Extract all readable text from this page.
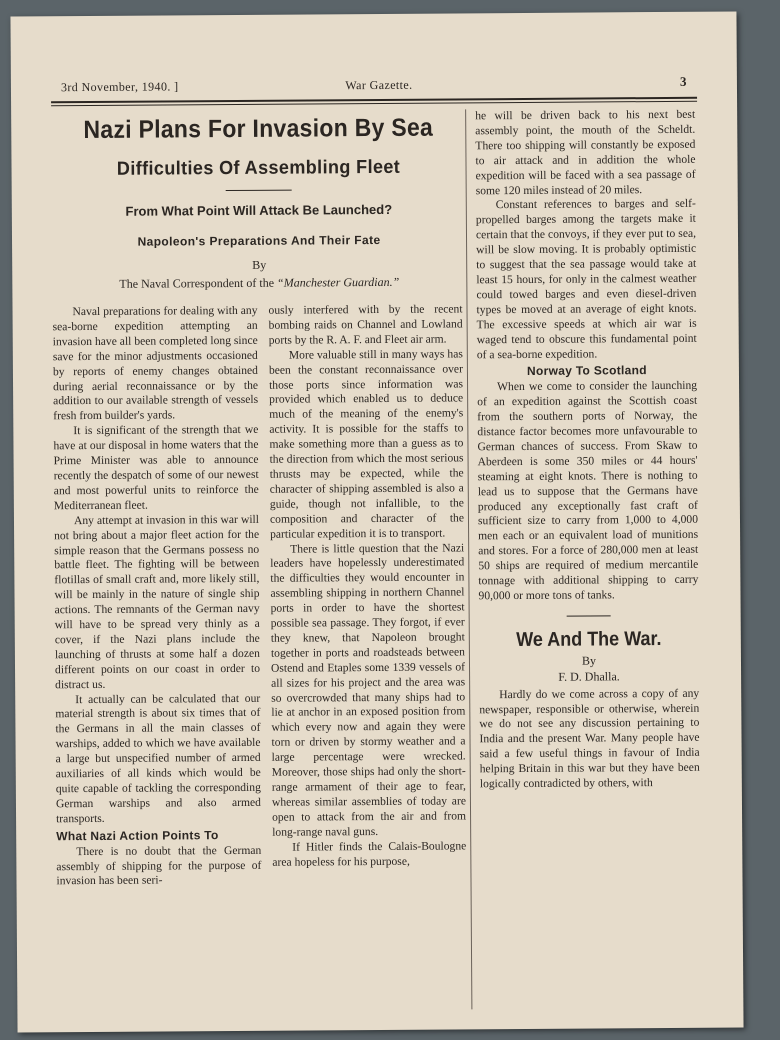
3rd November, 1940. ]	War Gazette.	3
Nazi Plans For Invasion By Sea
Difficulties Of Assembling Fleet
From What Point Will Attack Be Launched?
Napoleon's Preparations And Their Fate
By
The Naval Correspondent of the “Manchester Guardian.”

Naval preparations for dealing with any sea-borne expedition attempting an invasion have all been completed long since save for the minor adjustments occasioned by reports of enemy changes obtained during aerial reconnaissance or by the addition to our available strength of vessels fresh from builder's yards.

It is significant of the strength that we have at our disposal in home waters that the Prime Minister was able to announce recently the despatch of some of our newest and most powerful units to reinforce the Mediterranean fleet.

Any attempt at invasion in this war will not bring about a major fleet action for the simple reason that the Germans possess no battle fleet. The fighting will be between flotillas of small craft and, more likely still, will be mainly in the nature of single ship actions. The remnants of the German navy will have to be spread very thinly as a cover, if the Nazi plans include the launching of thrusts at some half a dozen different points on our coast in order to distract us.

It actually can be calculated that our material strength is about six times that of the Germans in all the main classes of warships, added to which we have available a large but unspecified number of armed auxiliaries of all kinds which would be quite capable of tackling the corresponding German warships and also armed transports.

What Nazi Action Points To

There is no doubt that the German assembly of shipping for the purpose of invasion has been seri-

ously interfered with by the recent bombing raids on Channel and Lowland ports by the R. A. F. and Fleet air arm.

More valuable still in many ways has been the constant reconnaissance over those ports since information was provided which enabled us to deduce much of the meaning of the enemy's activity. It is possible for the staffs to make something more than a guess as to the direction from which the most serious thrusts may be expected, while the character of shipping assembled is also a guide, though not infallible, to the composition and character of the particular expedition it is to transport.

There is little question that the Nazi leaders have hopelessly underestimated the difficulties they would encounter in assembling shipping in northern Channel ports in order to have the shortest possible sea passage. They forgot, if ever they knew, that Napoleon brought together in ports and roadsteads between Ostend and Etaples some 1339 vessels of all sizes for his project and the area was so overcrowded that many ships had to lie at anchor in an exposed position from which every now and again they were torn or driven by stormy weather and a large percentage were wrecked. Moreover, those ships had only the short-range armament of their age to fear, whereas similar assemblies of today are open to attack from the air and from long-range naval guns.

If Hitler finds the Calais-Boulogne area hopeless for his purpose,

he will be driven back to his next best assembly point, the mouth of the Scheldt. There too shipping will constantly be exposed to air attack and in addition the whole expedition will be faced with a sea passage of some 120 miles instead of 20 miles.

Constant references to barges and self-propelled barges among the targets make it certain that the convoys, if they ever put to sea, will be slow moving. It is probably optimistic to suggest that the sea passage would take at least 15 hours, for only in the calmest weather could towed barges and even diesel-driven types be moved at an average of eight knots. The excessive speeds at which air war is waged tend to obscure this fundamental point of a sea-borne expedition.

Norway To Scotland

When we come to consider the launching of an expedition against the Scottish coast from the southern ports of Norway, the distance factor becomes more unfavourable to German chances of success. From Skaw to Aberdeen is some 350 miles or 44 hours' steaming at eight knots. There is nothing to lead us to suppose that the Germans have produced any exceptionally fast craft of sufficient size to carry from 1,000 to 4,000 men each or an equivalent load of munitions and stores. For a force of 280,000 men at least 50 ships are required of medium mercantile tonnage with additional shipping to carry 90,000 or more tons of tanks.

We And The War.
By
F. D. Dhalla.

Hardly do we come across a copy of any newspaper, responsible or otherwise, wherein we do not see any discussion pertaining to India and the present War. Many people have said a few useful things in favour of India helping Britain in this war but they have been logically contradicted by others, with
